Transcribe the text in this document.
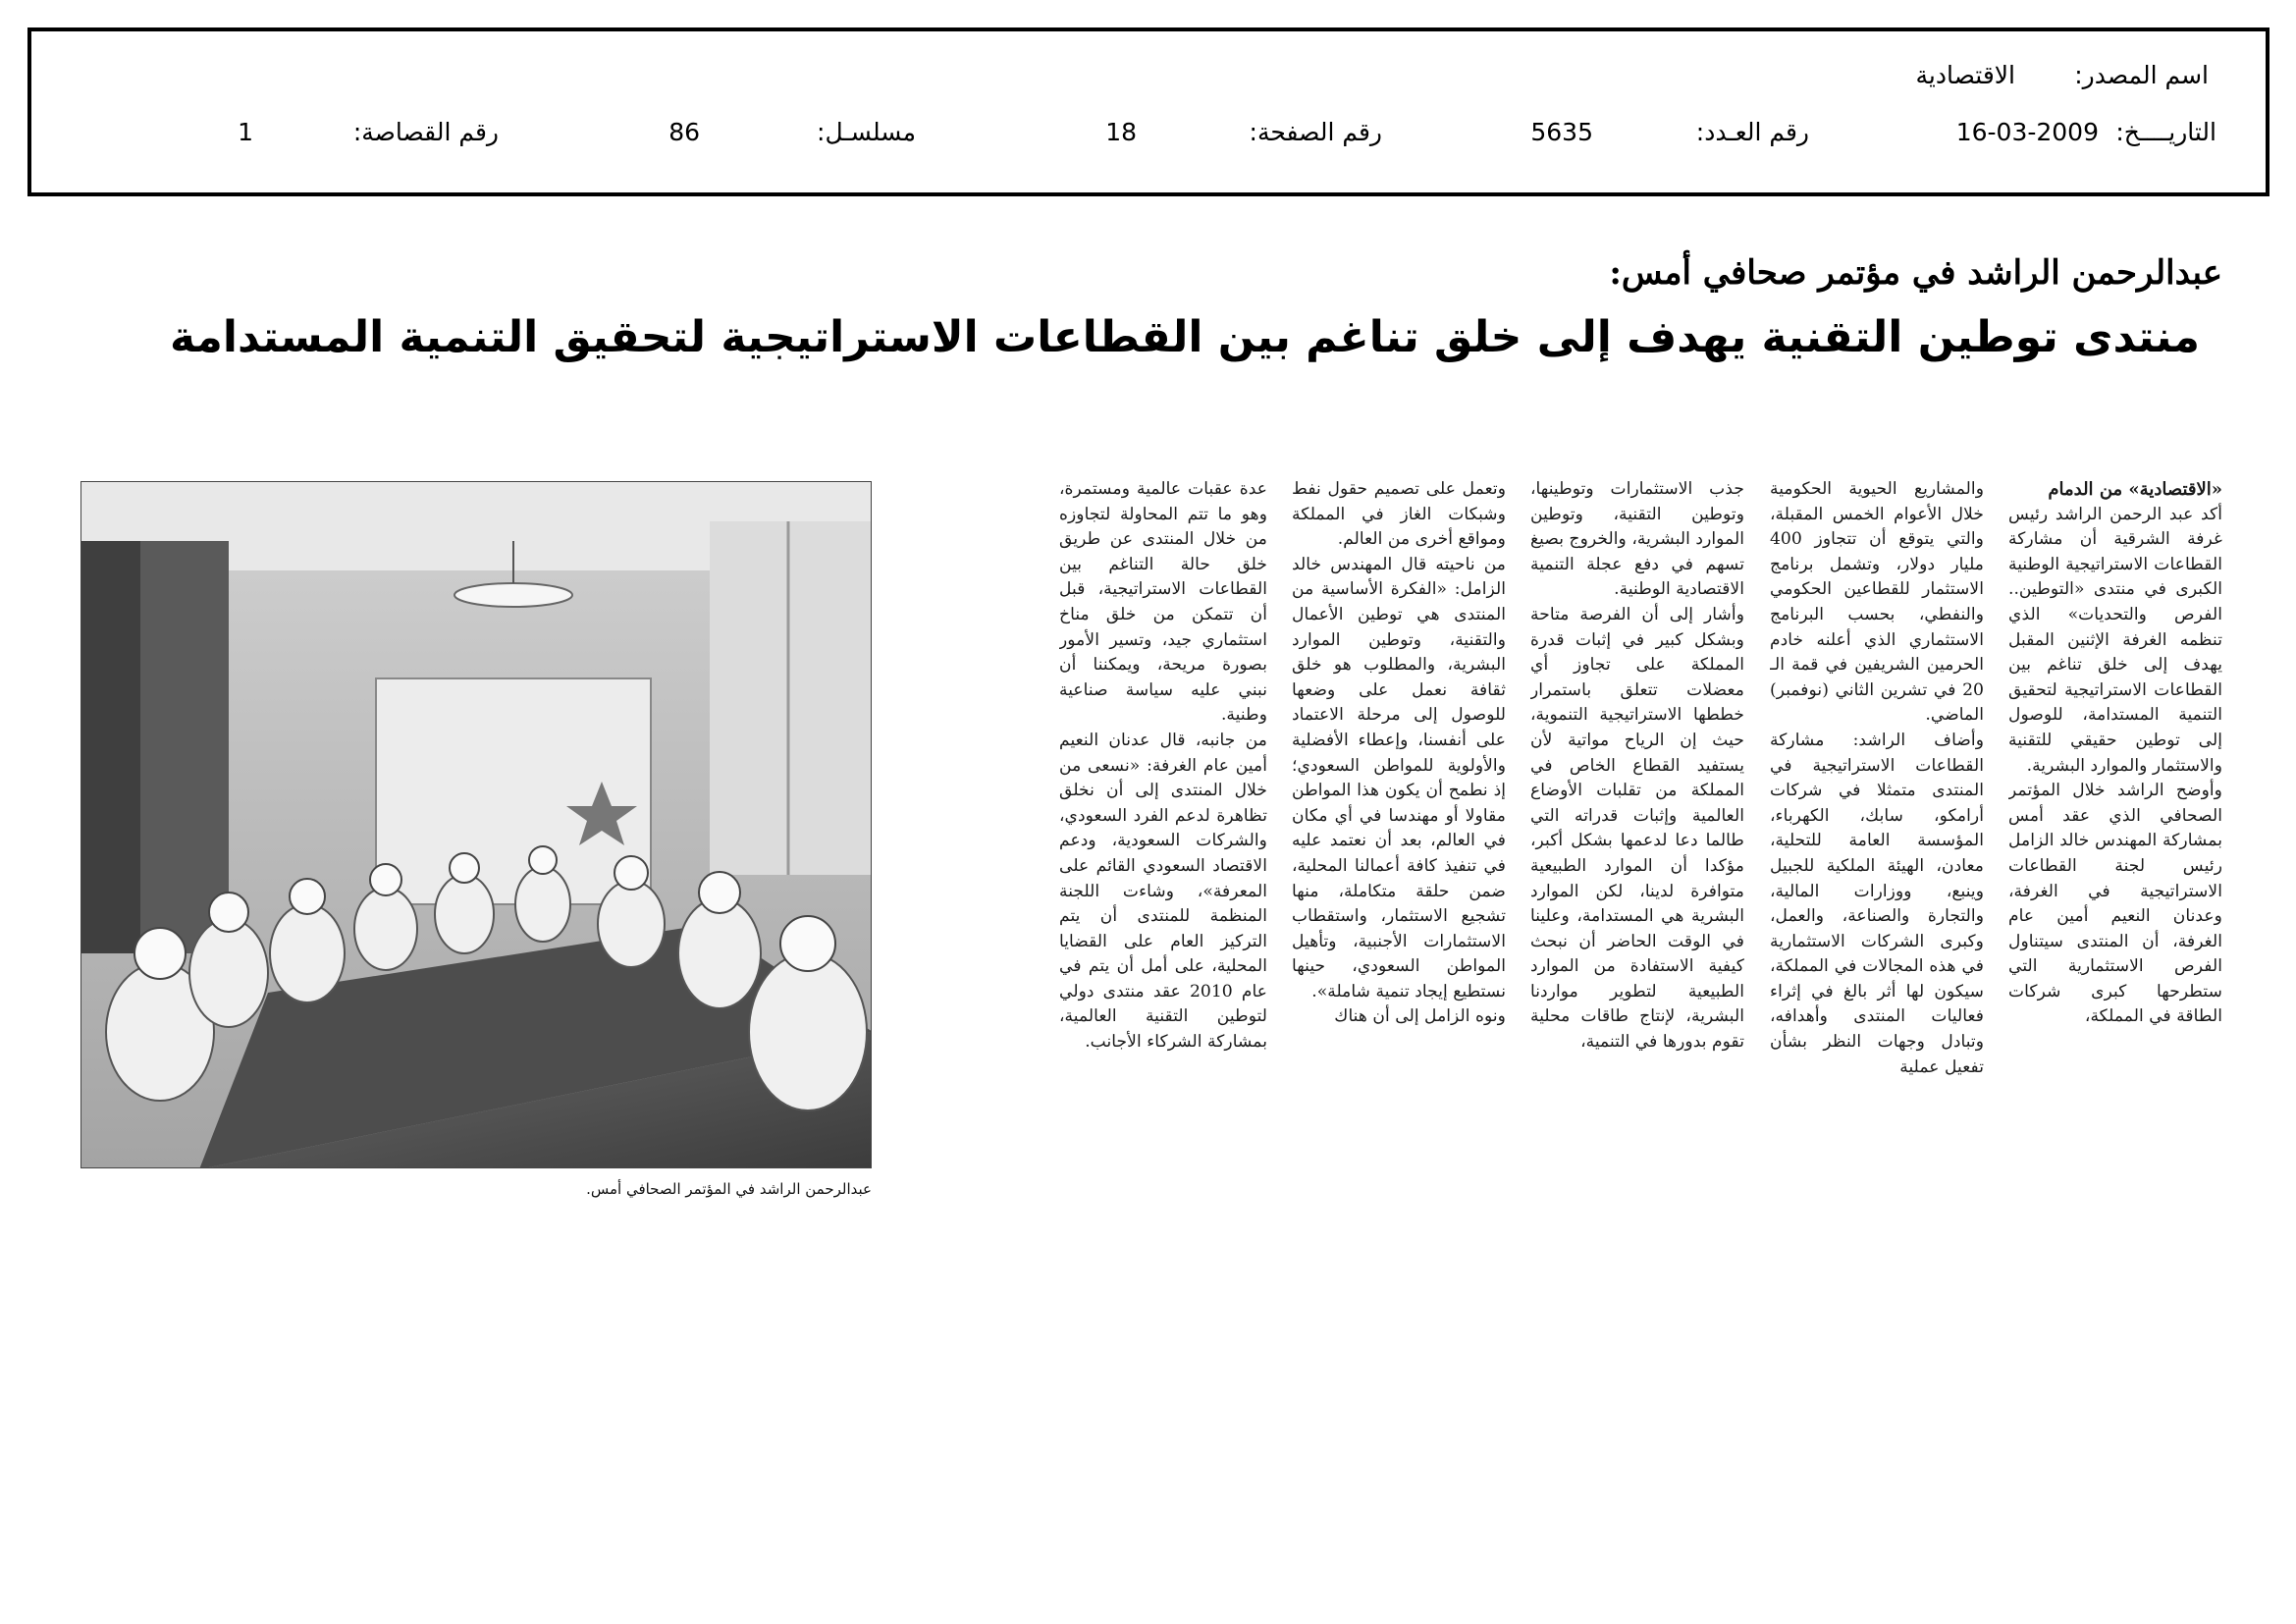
اسم المصدر:
الاقتصادية
التاريــــخ:
16-03-2009
رقم العـدد:
5635
رقم الصفحة:
18
مسلسـل:
86
رقم القصاصة:
1
عبدالرحمن الراشد في مؤتمر صحافي أمس:
منتدى توطين التقنية يهدف إلى خلق تناغم بين القطاعات الاستراتيجية لتحقيق التنمية المستدامة

«الاقتصادية» من الدمام

أكد عبد الرحمن الراشد رئيس غرفة الشرقية أن مشاركة القطاعات الاستراتيجية الوطنية الكبرى في منتدى «التوطين.. الفرص والتحديات» الذي تنظمه الغرفة الإثنين المقبل يهدف إلى خلق تناغم بين القطاعات الاستراتيجية لتحقيق التنمية المستدامة، للوصول إلى توطين حقيقي للتقنية والاستثمار والموارد البشرية.

وأوضح الراشد خلال المؤتمر الصحافي الذي عقد أمس بمشاركة المهندس خالد الزامل رئيس لجنة القطاعات الاستراتيجية في الغرفة، وعدنان النعيم أمين عام الغرفة، أن المنتدى سيتناول الفرص الاستثمارية التي ستطرحها كبرى شركات الطاقة في المملكة،

والمشاريع الحيوية الحكومية خلال الأعوام الخمس المقبلة، والتي يتوقع أن تتجاوز 400 مليار دولار، وتشمل برنامج الاستثمار للقطاعين الحكومي والنفطي، بحسب البرنامج الاستثماري الذي أعلنه خادم الحرمين الشريفين في قمة الـ 20 في تشرين الثاني (نوفمبر) الماضي.

وأضاف الراشد: مشاركة القطاعات الاستراتيجية في المنتدى متمثلا في شركات أرامكو، سابك، الكهرباء، المؤسسة العامة للتحلية، معادن، الهيئة الملكية للجبيل وينبع، ووزارات المالية، والتجارة والصناعة، والعمل، وكبرى الشركات الاستثمارية في هذه المجالات في المملكة، سيكون لها أثر بالغ في إثراء فعاليات المنتدى وأهدافه، وتبادل وجهات النظر بشأن تفعيل عملية

جذب الاستثمارات وتوطينها، وتوطين التقنية، وتوطين الموارد البشرية، والخروج بصيغ تسهم في دفع عجلة التنمية الاقتصادية الوطنية.

وأشار إلى أن الفرصة متاحة وبشكل كبير في إثبات قدرة المملكة على تجاوز أي معضلات تتعلق باستمرار خططها الاستراتيجية التنموية، حيث إن الرياح مواتية لأن يستفيد القطاع الخاص في المملكة من تقلبات الأوضاع العالمية وإثبات قدراته التي طالما دعا لدعمها بشكل أكبر، مؤكدا أن الموارد الطبيعية متوافرة لدينا، لكن الموارد البشرية هي المستدامة، وعلينا في الوقت الحاضر أن نبحث كيفية الاستفادة من الموارد الطبيعية لتطوير مواردنا البشرية، لإنتاج طاقات محلية تقوم بدورها في التنمية،

وتعمل على تصميم حقول نفط وشبكات الغاز في المملكة ومواقع أخرى من العالم.

من ناحيته قال المهندس خالد الزامل: «الفكرة الأساسية من المنتدى هي توطين الأعمال والتقنية، وتوطين الموارد البشرية، والمطلوب هو خلق ثقافة نعمل على وضعها للوصول إلى مرحلة الاعتماد على أنفسنا، وإعطاء الأفضلية والأولوية للمواطن السعودي؛ إذ نطمح أن يكون هذا المواطن مقاولا أو مهندسا في أي مكان في العالم، بعد أن نعتمد عليه في تنفيذ كافة أعمالنا المحلية، ضمن حلقة متكاملة، منها تشجيع الاستثمار، واستقطاب الاستثمارات الأجنبية، وتأهيل المواطن السعودي، حينها نستطيع إيجاد تنمية شاملة».

ونوه الزامل إلى أن هناك

عدة عقبات عالمية ومستمرة، وهو ما تتم المحاولة لتجاوزه من خلال المنتدى عن طريق خلق حالة التناغم بين القطاعات الاستراتيجية، قبل أن تتمكن من خلق مناخ استثماري جيد، وتسير الأمور بصورة مريحة، ويمكننا أن نبني عليه سياسة صناعية وطنية.

من جانبه، قال عدنان النعيم أمين عام الغرفة: «نسعى من خلال المنتدى إلى أن نخلق تظاهرة لدعم الفرد السعودي، والشركات السعودية، ودعم الاقتصاد السعودي القائم على المعرفة»، وشاءت اللجنة المنظمة للمنتدى أن يتم التركيز العام على القضايا المحلية، على أمل أن يتم في عام 2010 عقد منتدى دولي لتوطين التقنية العالمية، بمشاركة الشركاء الأجانب.

عبدالرحمن الراشد في المؤتمر الصحافي أمس.
